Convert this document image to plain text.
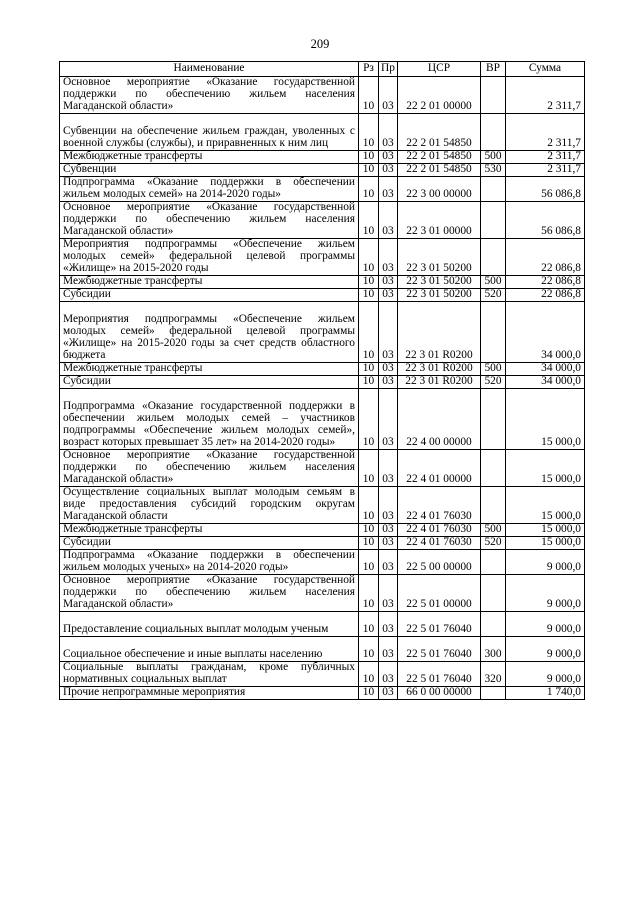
209
Наименование	Рз	Пр	ЦСР	ВР	Сумма
Основное мероприятие «Оказание государственной поддержки по обеспечению жильем населения Магаданской области»	10	03	22 2 01 00000		2 311,7
Субвенции на обеспечение жильем граждан, уволенных с военной службы (службы), и приравненных к ним лиц	10	03	22 2 01 54850		2 311,7
Межбюджетные трансферты	10	03	22 2 01 54850	500	2 311,7
Субвенции	10	03	22 2 01 54850	530	2 311,7
Подпрограмма «Оказание поддержки в обеспечении жильем молодых семей» на 2014-2020 годы»	10	03	22 3 00 00000		56 086,8
Основное мероприятие «Оказание государственной поддержки по обеспечению жильем населения Магаданской области»	10	03	22 3 01 00000		56 086,8
Мероприятия подпрограммы «Обеспечение жильем молодых семей» федеральной целевой программы «Жилище» на 2015-2020 годы	10	03	22 3 01 50200		22 086,8
Межбюджетные трансферты	10	03	22 3 01 50200	500	22 086,8
Субсидии	10	03	22 3 01 50200	520	22 086,8
Мероприятия подпрограммы «Обеспечение жильем молодых семей» федеральной целевой программы «Жилище» на 2015-2020 годы за счет средств областного бюджета	10	03	22 3 01 R0200		34 000,0
Межбюджетные трансферты	10	03	22 3 01 R0200	500	34 000,0
Субсидии	10	03	22 3 01 R0200	520	34 000,0
Подпрограмма «Оказание государственной поддержки в обеспечении жильем молодых семей – участников подпрограммы «Обеспечение жильем молодых семей», возраст которых превышает 35 лет» на 2014-2020 годы»	10	03	22 4 00 00000		15 000,0
Основное мероприятие «Оказание государственной поддержки по обеспечению жильем населения Магаданской области»	10	03	22 4 01 00000		15 000,0
Осуществление социальных выплат молодым семьям в виде предоставления субсидий городским округам Магаданской области	10	03	22 4 01 76030		15 000,0
Межбюджетные трансферты	10	03	22 4 01 76030	500	15 000,0
Субсидии	10	03	22 4 01 76030	520	15 000,0
Подпрограмма «Оказание поддержки в обеспечении жильем молодых ученых» на 2014-2020 годы»	10	03	22 5 00 00000		9 000,0
Основное мероприятие «Оказание государственной поддержки по обеспечению жильем населения Магаданской области»	10	03	22 5 01 00000		9 000,0
Предоставление социальных выплат молодым ученым	10	03	22 5 01 76040		9 000,0
Социальное обеспечение и иные выплаты населению	10	03	22 5 01 76040	300	9 000,0
Социальные выплаты гражданам, кроме публичных нормативных социальных выплат	10	03	22 5 01 76040	320	9 000,0
Прочие непрограммные мероприятия	10	03	66 0 00 00000		1 740,0
